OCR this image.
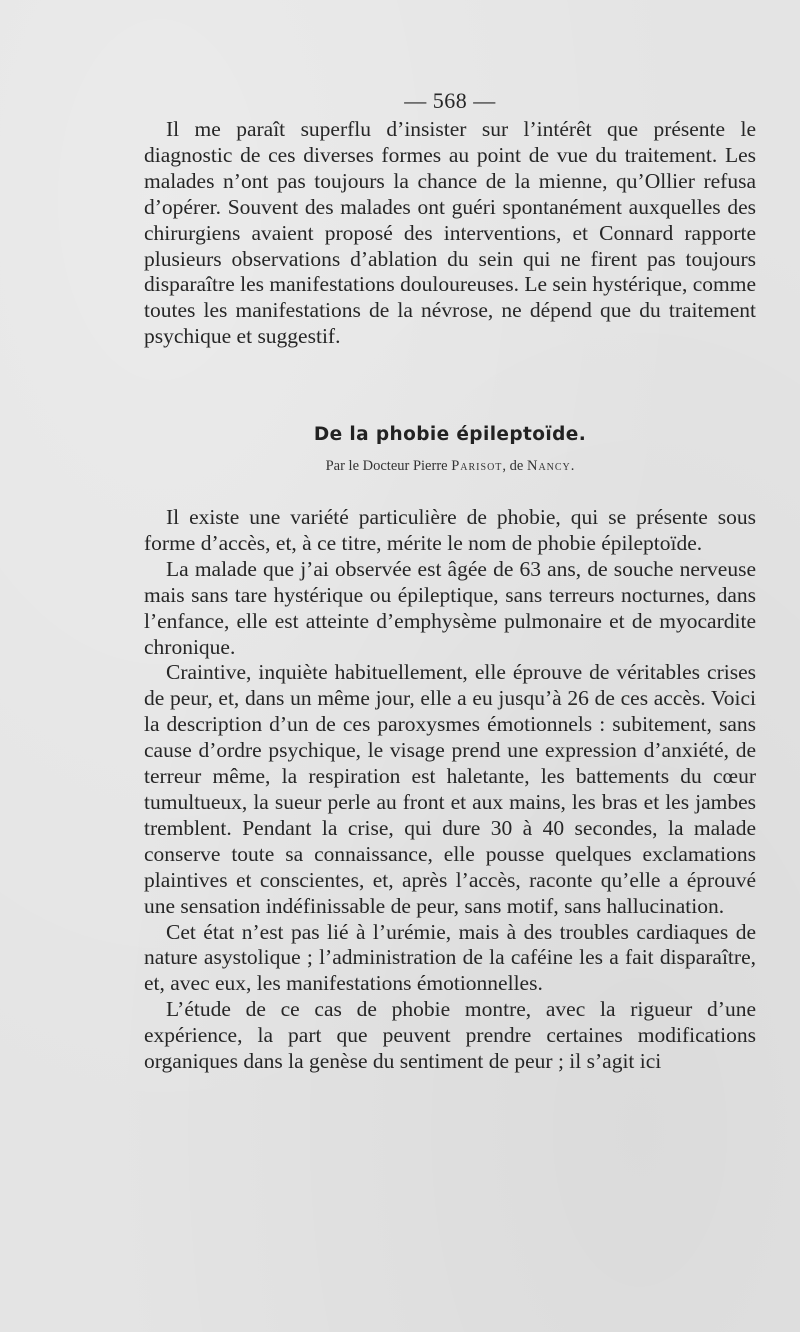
— 568 —

Il me paraît superflu d’insister sur l’intérêt que présente le diagnostic de ces diverses formes au point de vue du traitement. Les malades n’ont pas toujours la chance de la mienne, qu’Ollier refusa d’opérer. Souvent des malades ont guéri spontanément auxquelles des chirurgiens avaient proposé des interventions, et Connard rapporte plusieurs observations d’ablation du sein qui ne firent pas toujours disparaître les manifestations douloureuses. Le sein hystérique, comme toutes les manifestations de la névrose, ne dépend que du traitement psychique et suggestif.

De la phobie épileptoïde.
Par le Docteur Pierre Parisot, de Nancy.

Il existe une variété particulière de phobie, qui se présente sous forme d’accès, et, à ce titre, mérite le nom de phobie épileptoïde.

La malade que j’ai observée est âgée de 63 ans, de souche nerveuse mais sans tare hystérique ou épileptique, sans terreurs nocturnes, dans l’enfance, elle est atteinte d’emphysème pulmonaire et de myocardite chronique.

Craintive, inquiète habituellement, elle éprouve de véritables crises de peur, et, dans un même jour, elle a eu jusqu’à 26 de ces accès. Voici la description d’un de ces paroxysmes émotionnels : subitement, sans cause d’ordre psychique, le visage prend une expression d’anxiété, de terreur même, la respiration est haletante, les battements du cœur tumultueux, la sueur perle au front et aux mains, les bras et les jambes tremblent. Pendant la crise, qui dure 30 à 40 secondes, la malade conserve toute sa connaissance, elle pousse quelques exclamations plaintives et conscientes, et, après l’accès, raconte qu’elle a éprouvé une sensation indéfinissable de peur, sans motif, sans hallucination.

Cet état n’est pas lié à l’urémie, mais à des troubles cardiaques de nature asystolique ; l’administration de la caféine les a fait disparaître, et, avec eux, les manifestations émotionnelles.

L’étude de ce cas de phobie montre, avec la rigueur d’une expérience, la part que peuvent prendre certaines modifications organiques dans la genèse du sentiment de peur ; il s’agit ici
